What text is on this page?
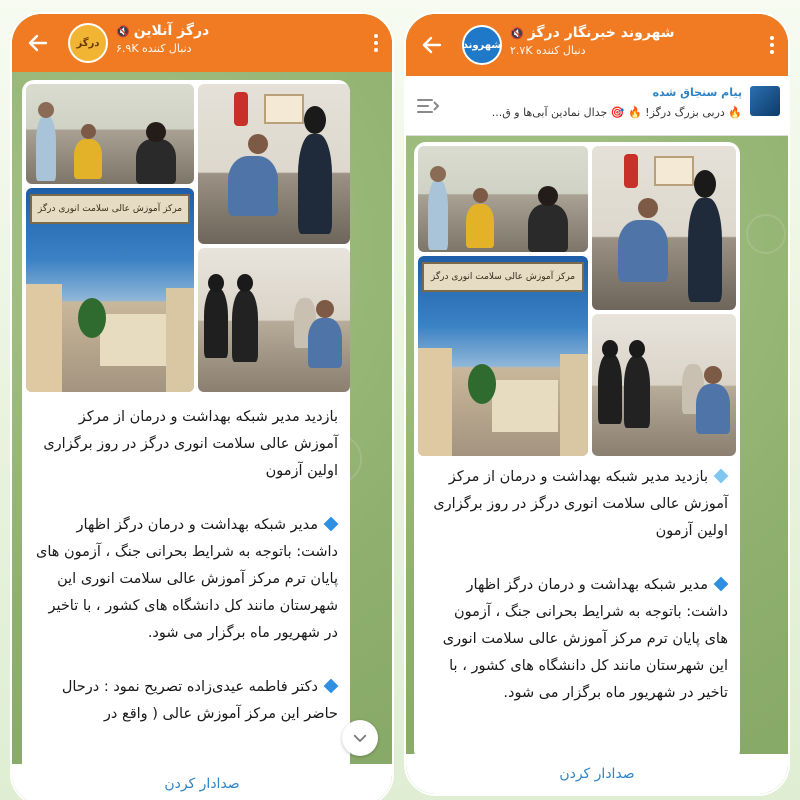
درگز
درگز آنلاین
🔇
دنبال کننده ۶.۹K
مرکز آموزش عالی سلامت انوری درگز

بازدید مدیر شبکه بهداشت و درمان از مرکز آموزش عالی سلامت انوری درگز در روز برگزاری اولین آزمون

مدیر شبکه بهداشت و درمان درگز اظهار داشت: باتوجه به شرایط بحرانی جنگ ، آزمون های پایان ترم مرکز آموزش عالی سلامت انوری این شهرستان مانند کل دانشگاه های کشور ، با تاخیر در شهریور ماه برگزار می شود.

دکتر فاطمه عیدی‌زاده تصریح نمود : درحال حاضر این مرکز آموزش عالی ( واقع در

صدادار کردن
شهروند
شهروند خبرنگار درگز
🔇
دنبال کننده ۲.۷K
پیام سنجاق شده
🔥 دربی بزرگ درگز! 🔥 🎯 جدال نمادین آبی‌ها و ق...
مرکز آموزش عالی سلامت انوری درگز

بازدید مدیر شبکه بهداشت و درمان از مرکز آموزش عالی سلامت انوری درگز در روز برگزاری اولین آزمون

مدیر شبکه بهداشت و درمان درگز اظهار داشت: باتوجه به شرایط بحرانی جنگ ، آزمون های پایان ترم مرکز آموزش عالی سلامت انوری این شهرستان مانند کل دانشگاه های کشور ، با تاخیر در شهریور ماه برگزار می شود.

صدادار کردن
